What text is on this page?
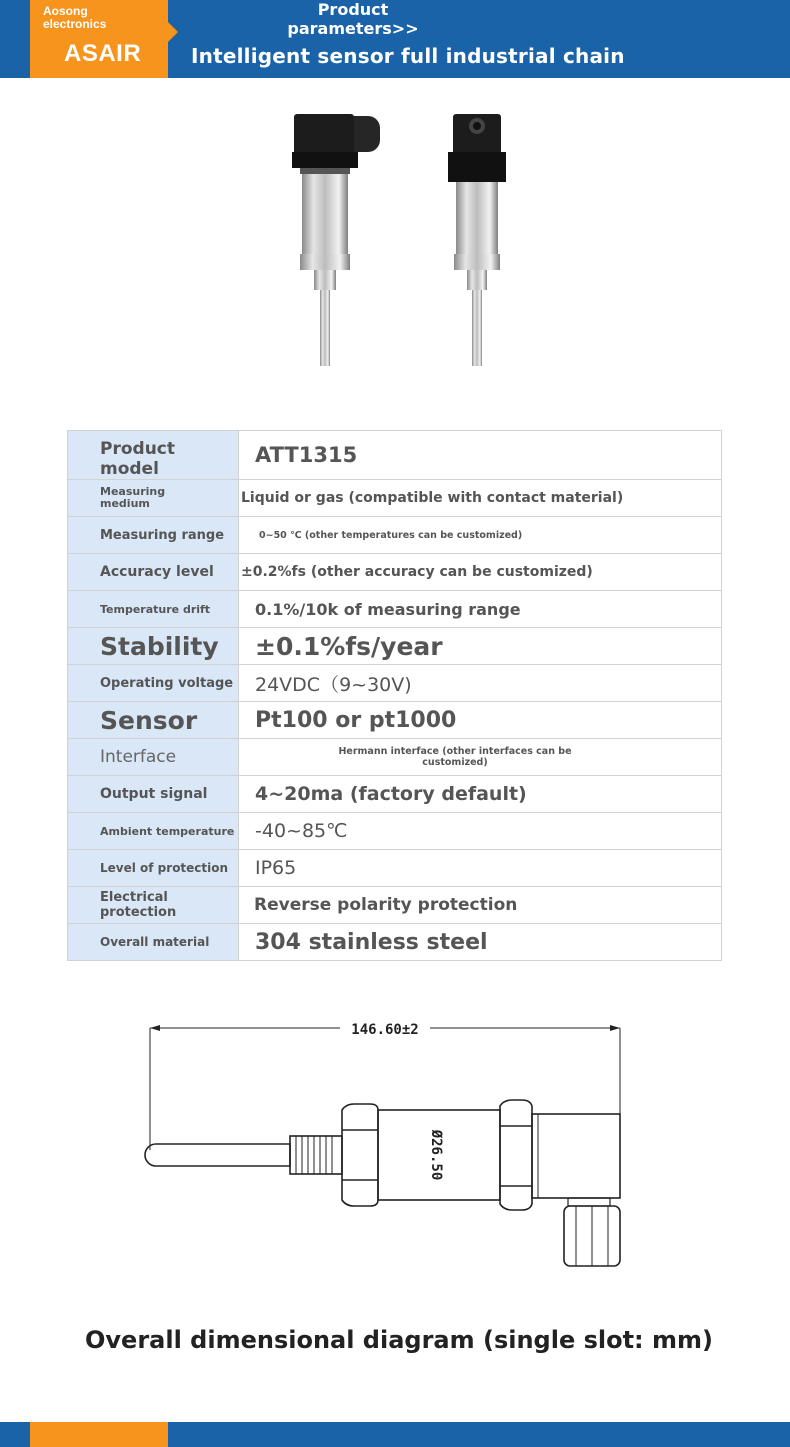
Aosong
electronics
ASAIR
Product
parameters>>
Intelligent sensor full industrial chain
Product model	ATT1315
Measuring
medium	Liquid or gas (compatible with contact material)
Measuring range	0~50 ℃ (other temperatures can be customized)
Accuracy level	±0.2%fs (other accuracy can be customized)
Temperature drift	0.1%/10k of measuring range
Stability	±0.1%fs/year
Operating voltage	24VDC（9~30V)
Sensor	Pt100 or pt1000
Interface	Hermann interface (other interfaces can be
customized)
Output signal	4~20ma (factory default)
Ambient temperature	-40~85℃
Level of protection	IP65
Electrical
protection	Reverse polarity protection
Overall material	304 stainless steel
146.60±2
Ø26.50
Overall dimensional diagram (single slot: mm)
